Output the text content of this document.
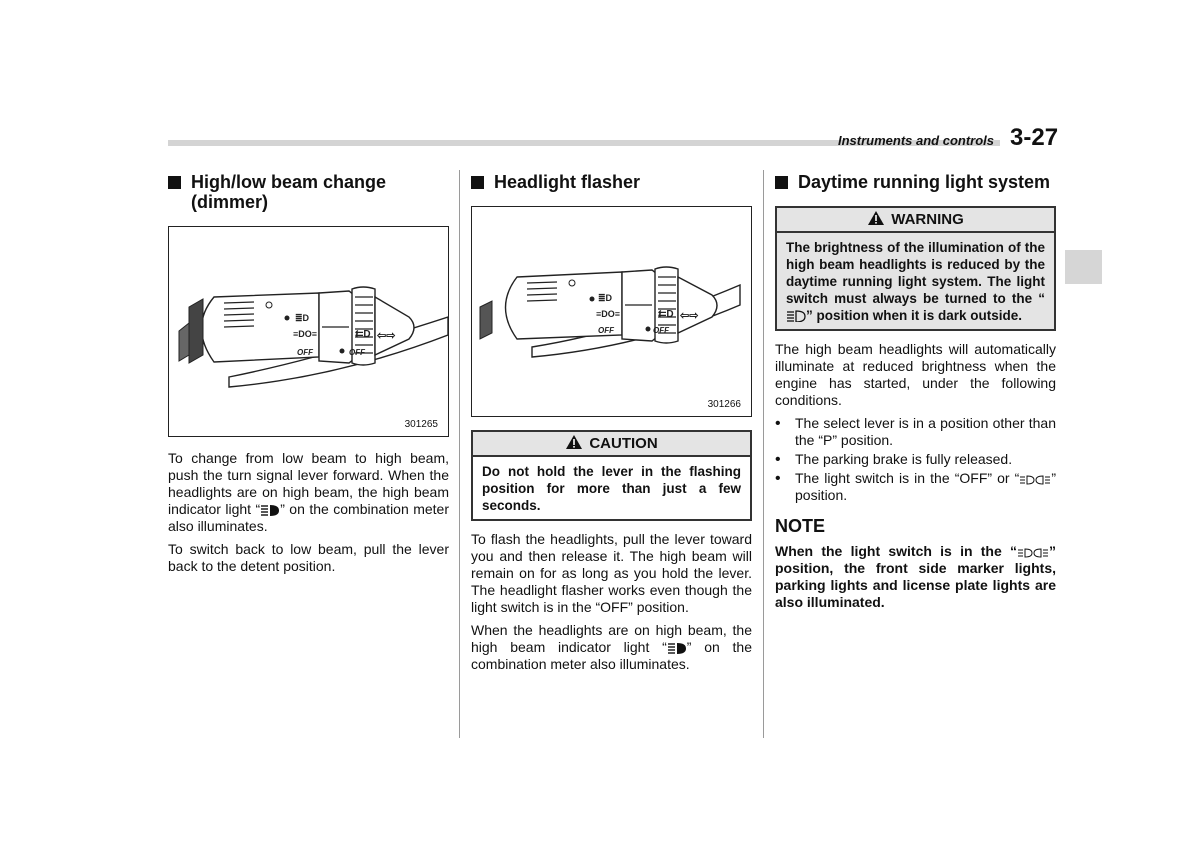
Instruments and controls 3-27
High/low beam change (dimmer)
≣D
≡DO≡	⇇D ⇦⇨
OFF	OFF
301265

To change from low beam to high beam, push the turn signal lever forward. When the headlights are on high beam, the high beam indicator light “ ” on the combination meter also illuminates.

To switch back to low beam, pull the lever back to the detent position.

Headlight flasher
≣D
≡DO≡	⇇D ⇦⇨
OFF	OFF
301266
CAUTION
Do not hold the lever in the flashing position for more than just a few seconds.

To flash the headlights, pull the lever toward you and then release it. The high beam will remain on for as long as you hold the lever. The headlight flasher works even though the light switch is in the “OFF” position.

When the headlights are on high beam, the high beam indicator light “ ” on the combination meter also illuminates.

Daytime running light system
WARNING
The brightness of the illumination of the high beam headlights is reduced by the daytime running light system. The light switch must always be turned to the “” position when it is dark outside.

The high beam headlights will automatically illuminate at reduced brightness when the engine has started, under the following conditions.

•	The select lever is in a position other than the “P” position.

•	The parking brake is fully released.

•	The light switch is in the “OFF” or “ ” position.

NOTE
When the light switch is in the “ ” position, the front side marker lights, parking lights and license plate lights are also illuminated.
